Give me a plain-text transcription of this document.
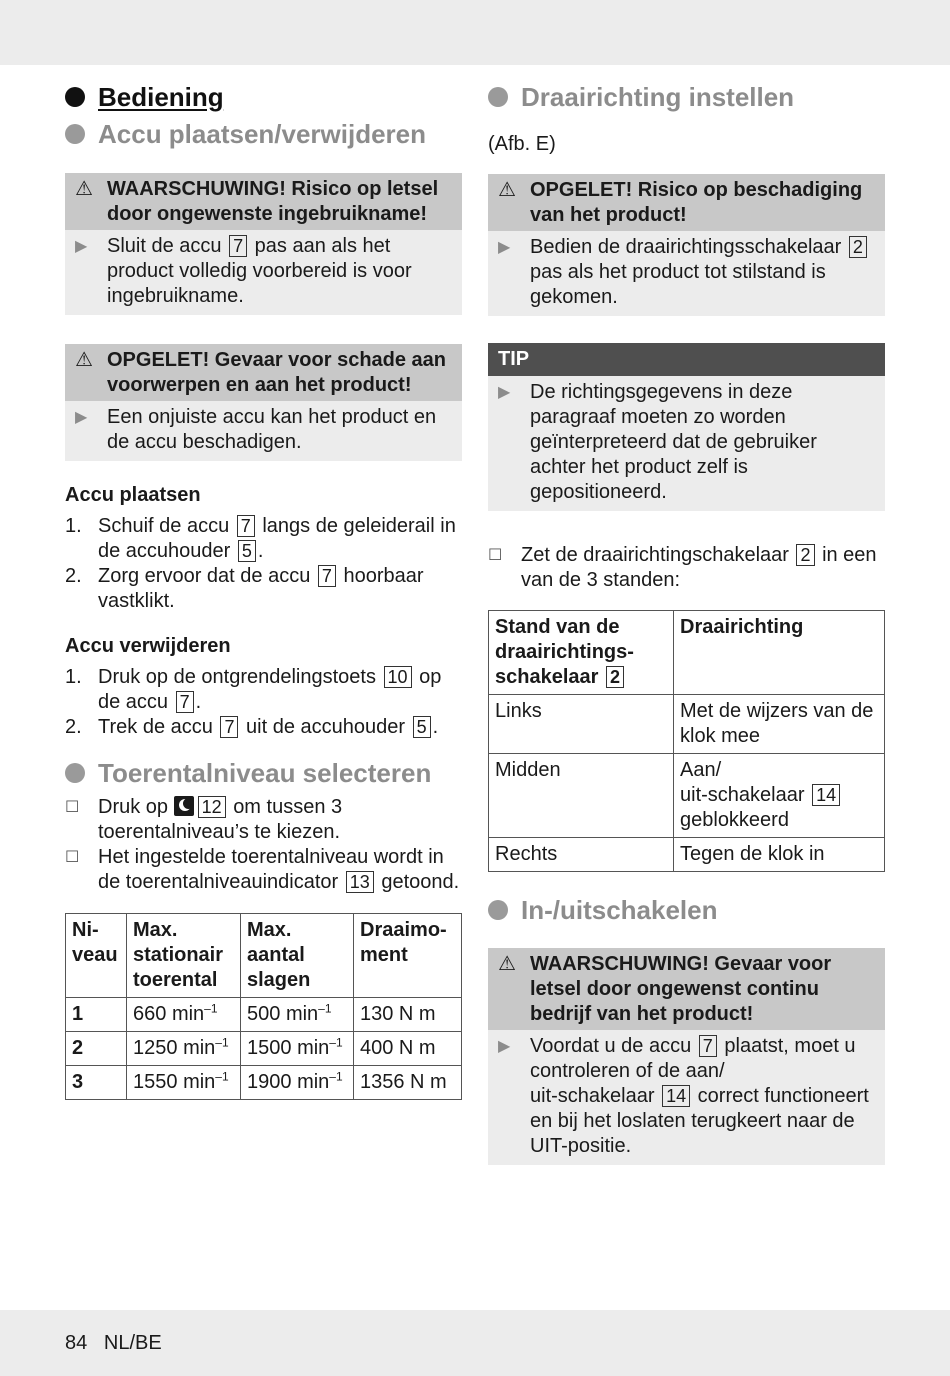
Bediening
Accu plaatsen/verwijderen
⚠ WAARSCHUWING! Risico op letsel door ongewenste ingebruikname!
▶ Sluit de accu 7 pas aan als het product volledig voorbereid is voor ingebruikname.
⚠ OPGELET! Gevaar voor schade aan voorwerpen en aan het product!
▶ Een onjuiste accu kan het product en de accu beschadigen.

Accu plaatsen

1. Schuif de accu 7 langs de geleiderail in de accuhouder 5 .
2. Zorg ervoor dat de accu 7 hoorbaar vastklikt.

Accu verwijderen

1. Druk op de ontgrendelingstoets 10 op de accu 7 .
2. Trek de accu 7 uit de accuhouder 5 .
Toerentalniveau selecteren
☐ Druk op 12 om tussen 3 toerentalniveau’s te kiezen.
☐ Het ingestelde toerentalniveau wordt in de toerentalniveauindicator 13 getoond.
Ni-
veau	Max. stationair toerental	Max. aantal slagen	Draaimo-
ment
1	660 $\min^{-1}$	500 $\min^{-1}$	130 N m
2	1250 $\min^{-1}$	1500 $\min^{-1}$	400 N m
3	1550 $\min^{-1}$	1900 $\min^{-1}$	1356 N m
Draairichting instellen
(Afb. E)
⚠ OPGELET! Risico op beschadiging van het product!
▶ Bedien de draairichtingsschakelaar 2 pas als het product tot stilstand is gekomen.
TIP
▶ De richtingsgegevens in deze paragraaf moeten zo worden geïnterpreteerd dat de gebruiker achter het product zelf is gepositioneerd.
☐ Zet de draairichtingschakelaar 2 in een van de 3 standen:
Stand van de draairichtings-
schakelaar 2	Draairichting
Links	Met de wijzers van de klok mee
Midden	Aan/
uit-schakelaar 14 geblokkeerd
Rechts	Tegen de klok in
In-/uitschakelen
⚠ WAARSCHUWING! Gevaar voor letsel door ongewenst continu bedrijf van het product!
▶ Voordat u de accu 7 plaatst, moet u controleren of de aan/
uit-schakelaar 14 correct functioneert en bij het loslaten terugkeert naar de UIT-positie.
84 NL/BE
